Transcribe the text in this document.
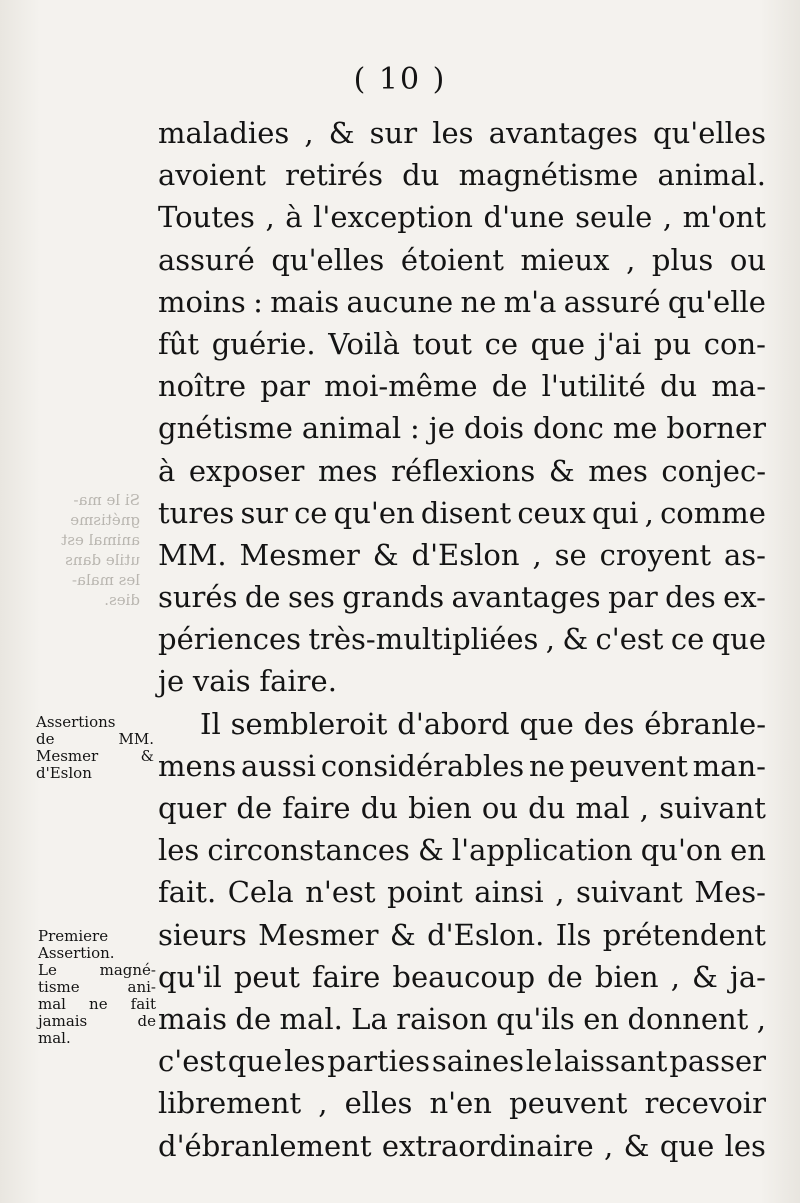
( 10 )
Si le ma-
gnétisme
animal est
utile dans
les mala-
dies.
Assertions
de	MM.
Mesmer	&
d'Eslon
Premiere
Assertion.
Le	magné-
tisme	ani-
mal ne fait
jamais	de
mal.
maladies , & sur les avantages qu'elles
avoient retirés du magnétisme animal.
Toutes , à l'exception d'une seule , m'ont
assuré qu'elles étoient mieux , plus ou
moins : mais aucune ne m'a assuré qu'elle
fût guérie. Voilà tout ce que j'ai pu con-
noître par moi-même de l'utilité du ma-
gnétisme animal : je dois donc me borner
à exposer mes réflexions & mes conjec-
tures sur ce qu'en disent ceux qui , comme
MM. Mesmer & d'Eslon , se croyent as-
surés de ses grands avantages par des ex-
périences très-multipliées , & c'est ce que
je vais faire.
Il sembleroit d'abord que des ébranle-
mens aussi considérables ne peuvent man-
quer de faire du bien ou du mal , suivant
les circonstances & l'application qu'on en
fait. Cela n'est point ainsi , suivant Mes-
sieurs Mesmer & d'Eslon. Ils prétendent
qu'il peut faire beaucoup de bien , & ja-
mais de mal. La raison qu'ils en donnent ,
c'est que les parties saines le laissant passer
librement , elles n'en peuvent recevoir
d'ébranlement extraordinaire , & que les
